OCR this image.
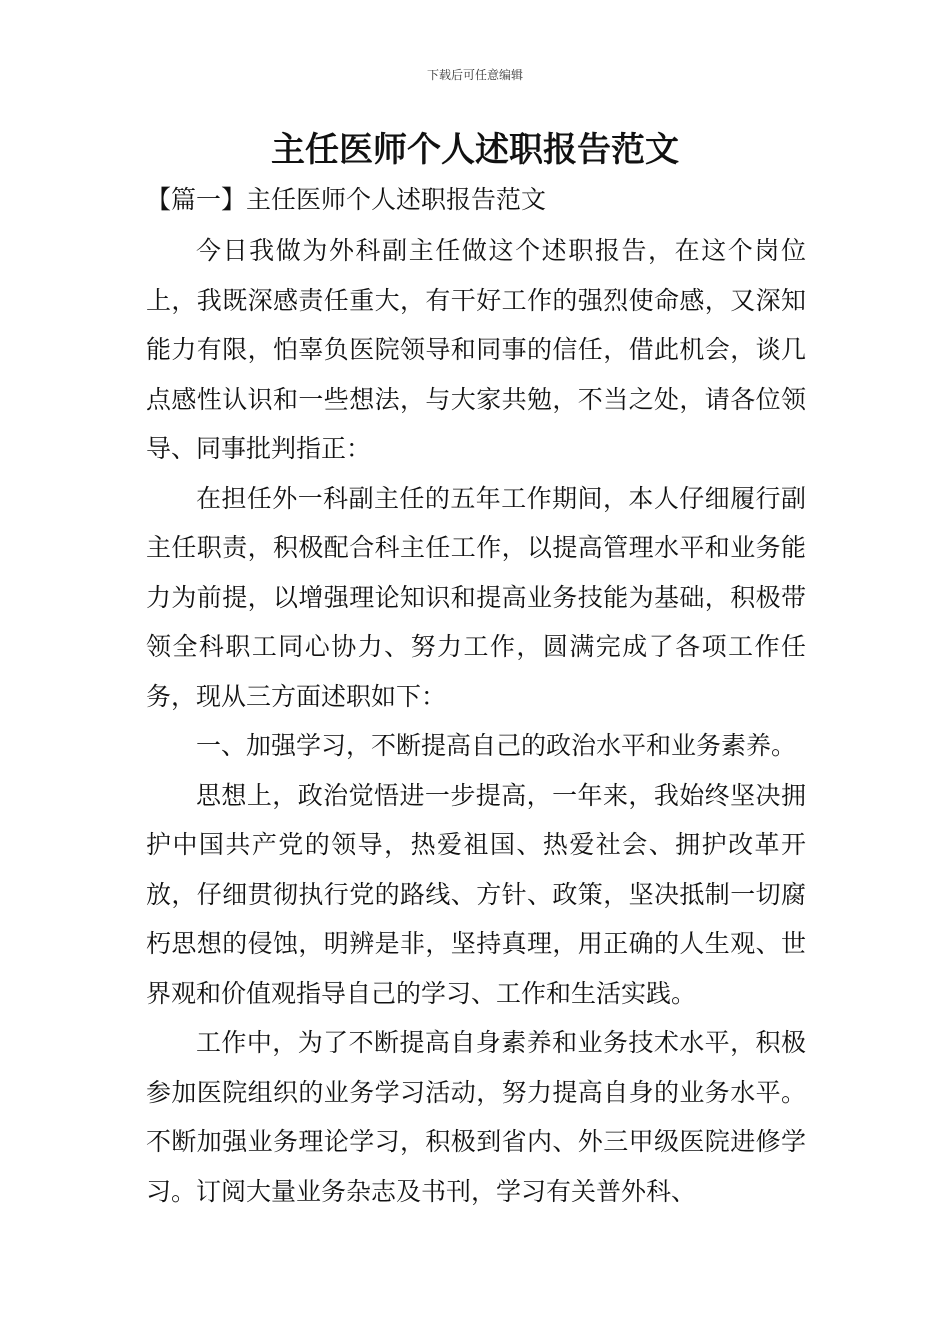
下载后可任意编辑
主任医师个人述职报告范文

【篇一】主任医师个人述职报告范文

今日我做为外科副主任做这个述职报告，在这个岗位上，我既深感责任重大，有干好工作的强烈使命感，又深知能力有限，怕辜负医院领导和同事的信任，借此机会，谈几点感性认识和一些想法，与大家共勉，不当之处，请各位领导、同事批判指正：

在担任外一科副主任的五年工作期间，本人仔细履行副主任职责，积极配合科主任工作，以提高管理水平和业务能力为前提，以增强理论知识和提高业务技能为基础，积极带领全科职工同心协力、努力工作，圆满完成了各项工作任务，现从三方面述职如下：

一、加强学习，不断提高自己的政治水平和业务素养。

思想上，政治觉悟进一步提高，一年来，我始终坚决拥护中国共产党的领导，热爱祖国、热爱社会、拥护改革开放，仔细贯彻执行党的路线、方针、政策，坚决抵制一切腐朽思想的侵蚀，明辨是非，坚持真理，用正确的人生观、世界观和价值观指导自己的学习、工作和生活实践。

工作中，为了不断提高自身素养和业务技术水平，积极参加医院组织的业务学习活动，努力提高自身的业务水平。不断加强业务理论学习，积极到省内、外三甲级医院进修学习。订阅大量业务杂志及书刊，学习有关普外科、
